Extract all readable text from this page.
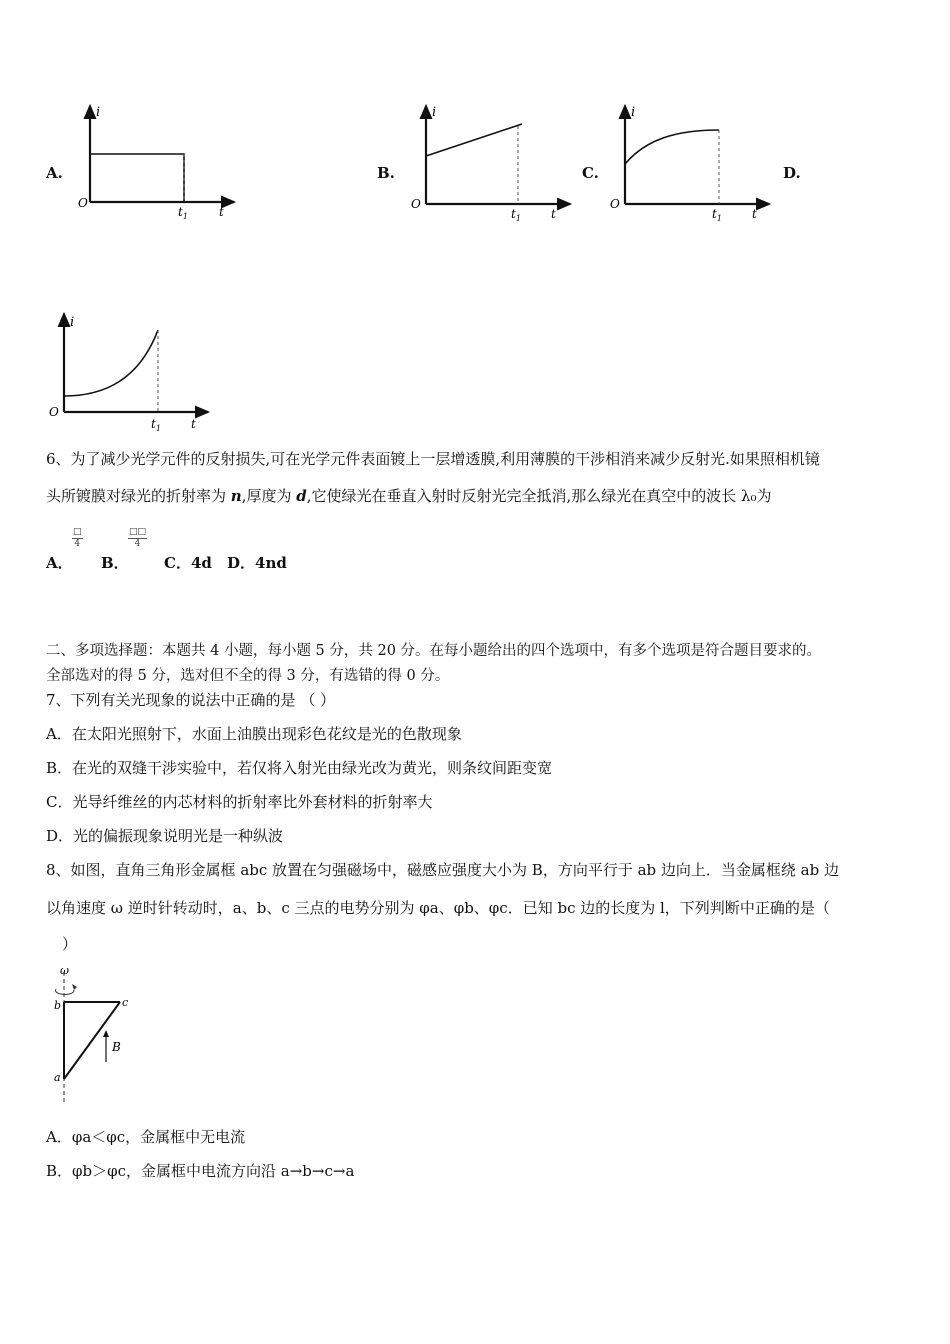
A.	B.	C.	D.
i
O
$t_1$	t
i
O
$t_1$	t
i
O
$t_1$	t
i
O
$t_1$	t
6、为了减少光学元件的反射损失,可在光学元件表面镀上一层增透膜,利用薄膜的干涉相消来减少反射光.如果照相机镜
头所镀膜对绿光的折射率为 n,厚度为 d,它使绿光在垂直入射时反射光完全抵消,那么绿光在真空中的波长 λ₀为
A．
□
4
B．
□□
4
C．4d D．4nd
二、多项选择题：本题共 4 小题，每小题 5 分，共 20 分。在每小题给出的四个选项中，有多个选项是符合题目要求的。
全部选对的得 5 分，选对但不全的得 3 分，有选错的得 0 分。
7、下列有关光现象的说法中正确的是 （ ）
A．在太阳光照射下，水面上油膜出现彩色花纹是光的色散现象
B．在光的双缝干涉实验中，若仅将入射光由绿光改为黄光，则条纹间距变宽
C．光导纤维丝的内芯材料的折射率比外套材料的折射率大
D．光的偏振现象说明光是一种纵波
8、如图，直角三角形金属框 abc 放置在匀强磁场中，磁感应强度大小为 B，方向平行于 ab 边向上．当金属框绕 ab 边
以角速度 ω 逆时针转动时，a、b、c 三点的电势分别为 φa、φb、φc．已知 bc 边的长度为 l，下列判断中正确的是（
）
ω
b	c
a
B
A．φa＜φc，金属框中无电流
B．φb＞φc，金属框中电流方向沿 a→b→c→a
